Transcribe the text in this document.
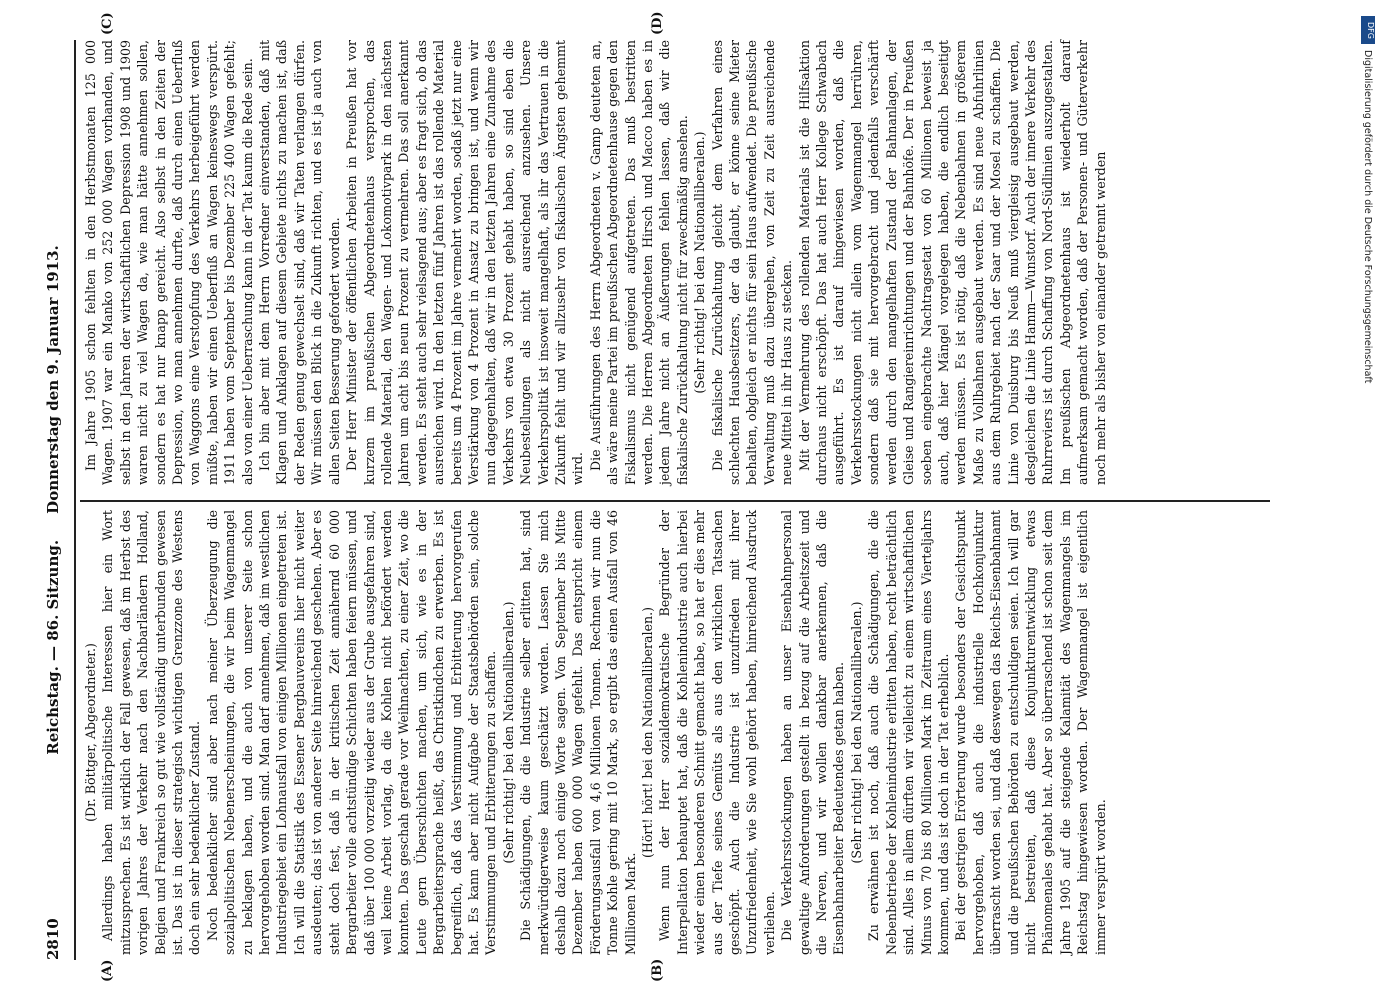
2810
Reichstag. — 86. Sitzung.     Donnerstag den 9. Januar 1913.
(A)	(B)
(C)	(D)

(Dr. Böttger, Abgeordneter.) Allerdings haben militärpolitische Interessen hier ein Wort mitzusprechen. Es ist wirklich der Fall gewesen, daß im Herbst des vorigen Jahres der Verkehr nach den Nachbarländern Holland, Belgien und Frankreich so gut wie vollständig unterbunden gewesen ist. Das ist in dieser strategisch wichtigen Grenzzone des Westens doch ein sehr bedenklicher Zustand. Noch bedenklicher sind aber nach meiner Überzeugung die sozialpolitischen Nebenerscheinungen, die wir beim Wagenmangel zu beklagen haben, und die auch von unserer Seite schon hervorgehoben worden sind. Man darf annehmen, daß im westlichen Industriegebiet ein Lohnausfall von einigen Millionen eingetreten ist. Ich will die Statistik des Essener Bergbauvereins hier nicht weiter ausdeuten; das ist von anderer Seite hinreichend geschehen. Aber es steht doch fest, daß in der kritischen Zeit annähernd 60 000 Bergarbeiter volle achtstündige Schichten haben feiern müssen, und daß über 100 000 vorzeitig wieder aus der Grube ausgefahren sind, weil keine Arbeit vorlag, da die Kohlen nicht befördert werden konnten. Das geschah gerade vor Weihnachten, zu einer Zeit, wo die Leute gern Überschichten machen, um sich, wie es in der Bergarbeitersprache heißt, das Christkindchen zu erwerben. Es ist begreiflich, daß das Verstimmung und Erbitterung hervorgerufen hat. Es kann aber nicht Aufgabe der Staatsbehörden sein, solche Verstimmungen und Erbitterungen zu schaffen. (Sehr richtig! bei den Nationalliberalen.) Die Schädigungen, die die Industrie selber erlitten hat, sind merkwürdigerweise kaum geschätzt worden. Lassen Sie mich deshalb dazu noch einige Worte sagen. Von September bis Mitte Dezember haben 600 000 Wagen gefehlt. Das entspricht einem Förderungsausfall von 4,6 Millionen Tonnen. Rechnen wir nun die Tonne Kohle gering mit 10 Mark, so ergibt das einen Ausfall von 46 Millionen Mark.

(Hört! hört! bei den Nationalliberalen.) Wenn nun der Herr sozialdemokratische Begründer der Interpellation behauptet hat, daß die Kohlenindustrie auch hierbei wieder einen besonderen Schnitt gemacht habe, so hat er dies mehr aus der Tiefe seines Gemüts als aus den wirklichen Tatsachen geschöpft. Auch die Industrie ist unzufrieden mit ihrer Unzufriedenheit, wie Sie wohl gehört haben, hinreichend Ausdruck verliehen. Die Verkehrsstockungen haben an unser Eisenbahnpersonal gewaltige Anforderungen gestellt in bezug auf die Arbeitszeit und die Nerven, und wir wollen dankbar anerkennen, daß die Eisenbahnarbeiter Bedeutendes getan haben. (Sehr richtig! bei den Nationalliberalen.) Zu erwähnen ist noch, daß auch die Schädigungen, die die Nebenbetriebe der Kohlenindustrie erlitten haben, recht beträchtlich sind. Alles in allem dürften wir vielleicht zu einem wirtschaftlichen Minus von 70 bis 80 Millionen Mark im Zeitraum eines Vierteljahrs kommen, und das ist doch in der Tat erheblich. Bei der gestrigen Erörterung wurde besonders der Gesichtspunkt hervorgehoben, daß auch die industrielle Hochkonjunktur überrascht worden sei, und daß deswegen das Reichs-Eisenbahnamt und die preußischen Behörden zu entschuldigen seien. Ich will gar nicht bestreiten, daß diese Konjunkturentwicklung etwas Phänomenales gehabt hat. Aber so überraschend ist schon seit dem Jahre 1905 auf die steigende Kalamität des Wagenmangels im Reichstag hingewiesen worden. Der Wagenmangel ist eigentlich immer verspürt worden.

Im Jahre 1905 schon fehlten in den Herbstmonaten 125 000 Wagen. 1907 war ein Manko von 252 000 Wagen vorhanden, und selbst in den Jahren der wirtschaftlichen Depression 1908 und 1909 waren nicht zu viel Wagen da, wie man hätte annehmen sollen, sondern es hat nur knapp gereicht. Also selbst in den Zeiten der Depression, wo man annehmen durfte, daß durch einen Ueberfluß von Waggons eine Verstopfung des Verkehrs herbeigeführt werden müßte, haben wir einen Ueberfluß an Wagen keineswegs verspürt. 1911 haben vom September bis Dezember 225 400 Wagen gefehlt; also von einer Ueberraschung kann in der Tat kaum die Rede sein. Ich bin aber mit dem Herrn Vorredner einverstanden, daß mit Klagen und Anklagen auf diesem Gebiete nichts zu machen ist, daß der Reden genug gewechselt sind, daß wir Taten verlangen dürfen. Wir müssen den Blick in die Zukunft richten, und es ist ja auch von allen Seiten Besserung gefordert worden. Der Herr Minister der öffentlichen Arbeiten in Preußen hat vor kurzem im preußischen Abgeordnetenhaus versprochen, das rollende Material, den Wagen- und Lokomotivpark in den nächsten Jahren um acht bis neun Prozent zu vermehren. Das soll anerkannt werden. Es steht auch sehr vielsagend aus; aber es fragt sich, ob das ausreichen wird. In den letzten fünf Jahren ist das rollende Material bereits um 4 Prozent im Jahre vermehrt worden, sodaß jetzt nur eine Verstärkung von 4 Prozent in Ansatz zu bringen ist, und wenn wir nun dagegenhalten, daß wir in den letzten Jahren eine Zunahme des Verkehrs von etwa 30 Prozent gehabt haben, so sind eben die Neubestellungen als nicht ausreichend anzusehen. Unsere Verkehrspolitik ist insoweit mangelhaft, als ihr das Vertrauen in die Zukunft fehlt und wir allzusehr von fiskalischen Ängsten gehemmt wird. Die Ausführungen des Herrn Abgeordneten v. Gamp deuteten an, als wäre meine Partei im preußischen Abgeordnetenhause gegen den Fiskalismus nicht genügend aufgetreten. Das muß bestritten werden. Die Herren Abgeordneten Hirsch und Macco haben es in jedem Jahre nicht an Äußerungen fehlen lassen, daß wir die fiskalische Zurückhaltung nicht für zweckmäßig ansehen. (Sehr richtig! bei den Nationalliberalen.) Die fiskalische Zurückhaltung gleicht dem Verfahren eines schlechten Hausbesitzers, der da glaubt, er könne seine Mieter behalten, obgleich er nichts für sein Haus aufwendet. Die preußische Verwaltung muß dazu übergehen, von Zeit zu Zeit ausreichende neue Mittel in ihr Haus zu stecken. Mit der Vermehrung des rollenden Materials ist die Hilfsaktion durchaus nicht erschöpft. Das hat auch Herr Kollege Schwabach ausgeführt. Es ist darauf hingewiesen worden, daß die Verkehrsstockungen nicht allein vom Wagenmangel herrühren, sondern daß sie mit hervorgebracht und jedenfalls verschärft werden durch den mangelhaften Zustand der Bahnanlagen, der Gleise und Rangiereinrichtungen und der Bahnhöfe. Der in Preußen soeben eingebrachte Nachtragsetat von 60 Millionen beweist ja auch, daß hier Mängel vorgelegen haben, die endlich beseitigt werden müssen. Es ist nötig, daß die Nebenbahnen in größerem Maße zu Vollbahnen ausgebaut werden. Es sind neue Abfuhrlinien aus dem Ruhrgebiet nach der Saar und der Mosel zu schaffen. Die Linie von Duisburg bis Neuß muß viergleisig ausgebaut werden, desgleichen die Linie Hamm—Wunstorf. Auch der innere Verkehr des Ruhrreviers ist durch Schaffung von Nord-Südlinien auszugestalten. Im preußischen Abgeordnetenhaus ist wiederholt darauf aufmerksam gemacht worden, daß der Personen- und Güterverkehr noch mehr als bisher von einander getrennt werden

DFG
Digitalisierung gefördert durch die Deutsche Forschungsgemeinschaft
